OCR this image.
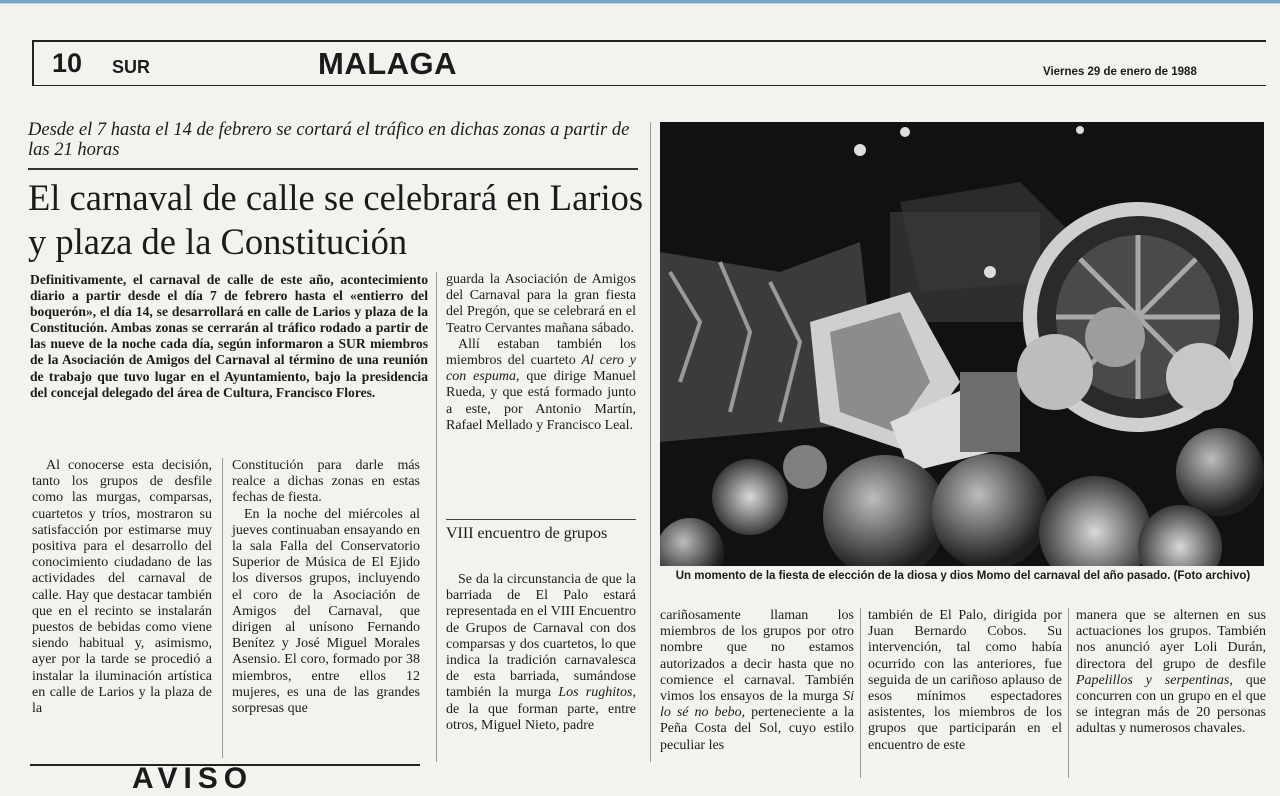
10 SUR	MALAGA	Viernes 29 de enero de 1988
Desde el 7 hasta el 14 de febrero se cortará el tráfico en dichas zonas a partir de las 21 horas
El carnaval de calle se celebrará en Larios y plaza de la Constitución
Definitivamente, el carnaval de calle de este año, acontecimiento diario a partir desde el día 7 de febrero hasta el «entierro del boquerón», el día 14, se desarrollará en calle de Larios y plaza de la Constitución. Ambas zonas se cerrarán al tráfico rodado a partir de las nueve de la noche cada día, según informaron a SUR miembros de la Asociación de Amigos del Carnaval al término de una reunión de trabajo que tuvo lugar en el Ayuntamiento, bajo la presidencia del concejal delegado del área de Cultura, Francisco Flores.
Al conocerse esta decisión, tanto los grupos de desfile como las murgas, comparsas, cuartetos y tríos, mostraron su satisfacción por estimarse muy positiva para el desarrollo del conocimiento ciudadano de las actividades del carnaval de calle. Hay que destacar también que en el recinto se instalarán puestos de bebidas como viene siendo habitual y, asimismo, ayer por la tarde se procedió a instalar la iluminación artística en calle de Larios y la plaza de la

Constitución para darle más realce a dichas zonas en estas fechas de fiesta.

En la noche del miércoles al jueves continuaban ensayando en la sala Falla del Conservatorio Superior de Música de El Ejido los diversos grupos, incluyendo el coro de la Asociación de Amigos del Carnaval, que dirigen al unísono Fernando Benítez y José Miguel Morales Asensio. El coro, formado por 38 miembros, entre ellos 12 mujeres, es una de las grandes sorpresas que

guarda la Asociación de Amigos del Carnaval para la gran fiesta del Pregón, que se celebrará en el Teatro Cervantes mañana sábado.

Allí estaban también los miembros del cuarteto Al cero y con espuma, que dirige Manuel Rueda, y que está formado junto a este, por Antonio Martín, Rafael Mellado y Francisco Leal.

VIII encuentro de grupos
Se da la circunstancia de que la barriada de El Palo estará representada en el VIII Encuentro de Grupos de Carnaval con dos comparsas y dos cuartetos, lo que indica la tradición carnavalesca de esta barriada, sumándose también la murga Los rughitos, de la que forman parte, entre otros, Miguel Nieto, padre
Un momento de la fiesta de elección de la diosa y dios Momo del carnaval del año pasado. (Foto archivo)
cariñosamente llaman los miembros de los grupos por otro nombre que no estamos autorizados a decir hasta que no comience el carnaval. También vimos los ensayos de la murga Si lo sé no bebo, perteneciente a la Peña Costa del Sol, cuyo estilo peculiar les
también de El Palo, dirigida por Juan Bernardo Cobos. Su intervención, tal como había ocurrido con las anteriores, fue seguida de un cariñoso aplauso de esos mínimos espectadores asistentes, los miembros de los grupos que participarán en el encuentro de este
manera que se alternen en sus actuaciones los grupos. También nos anunció ayer Loli Durán, directora del grupo de desfile Papelillos y serpentinas, que concurren con un grupo en el que se integran más de 20 personas adultas y numerosos chavales.
AVISO
